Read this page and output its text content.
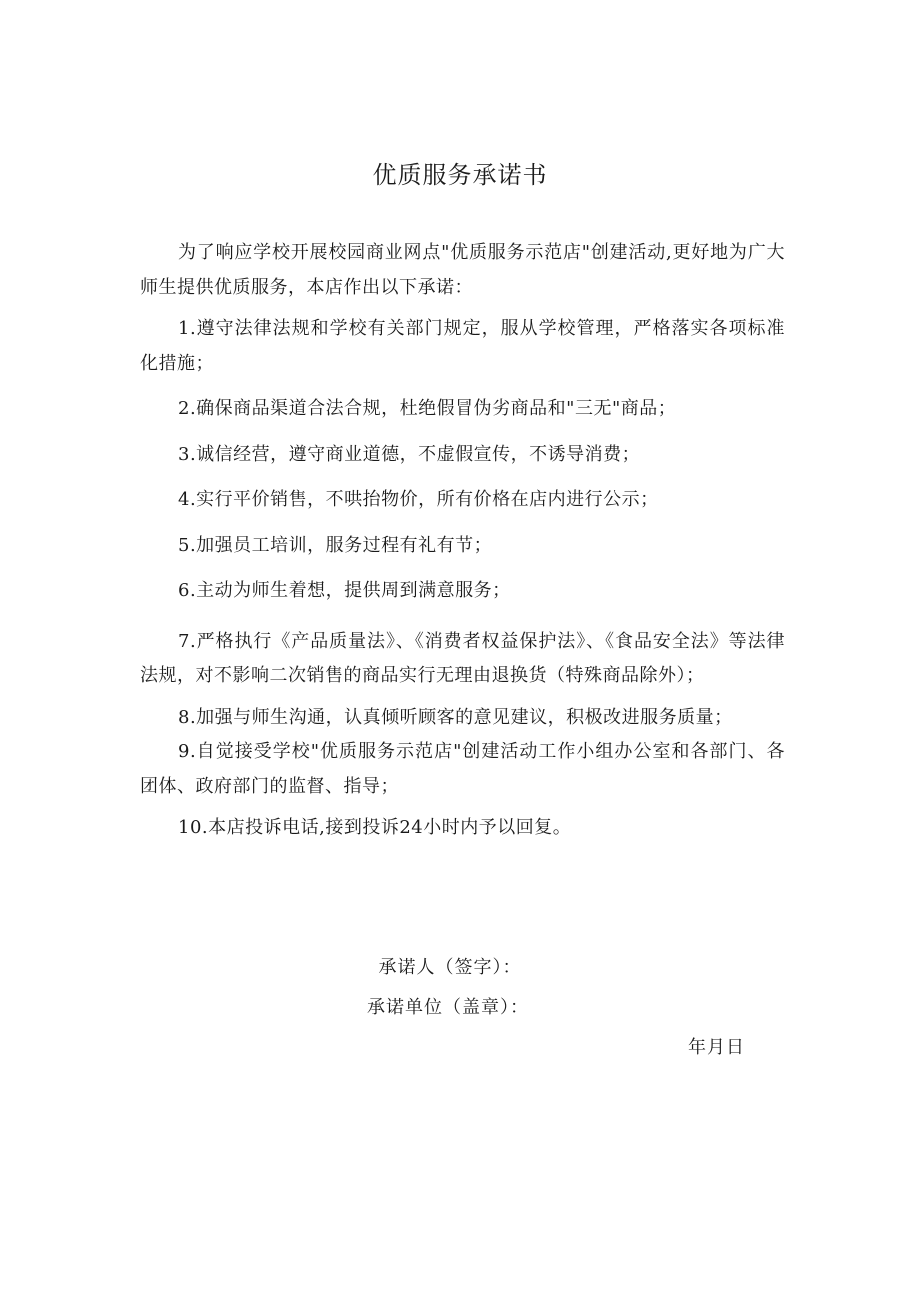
优质服务承诺书

为了响应学校开展校园商业网点"优质服务示范店"创建活动,更好地为广大师生提供优质服务，本店作出以下承诺：

1.遵守法律法规和学校有关部门规定，服从学校管理，严格落实各项标准化措施；

2.确保商品渠道合法合规，杜绝假冒伪劣商品和"三无"商品；

3.诚信经营，遵守商业道德，不虚假宣传，不诱导消费；

4.实行平价销售，不哄抬物价，所有价格在店内进行公示；

5.加强员工培训，服务过程有礼有节；

6.主动为师生着想，提供周到满意服务；

7.严格执行《产品质量法》、《消费者权益保护法》、《食品安全法》等法律法规，对不影响二次销售的商品实行无理由退换货（特殊商品除外）；

8.加强与师生沟通，认真倾听顾客的意见建议，积极改进服务质量；

9.自觉接受学校"优质服务示范店"创建活动工作小组办公室和各部门、各团体、政府部门的监督、指导；

10.本店投诉电话,接到投诉24小时内予以回复。

承诺人（签字）：
承诺单位（盖章）：
年月日
